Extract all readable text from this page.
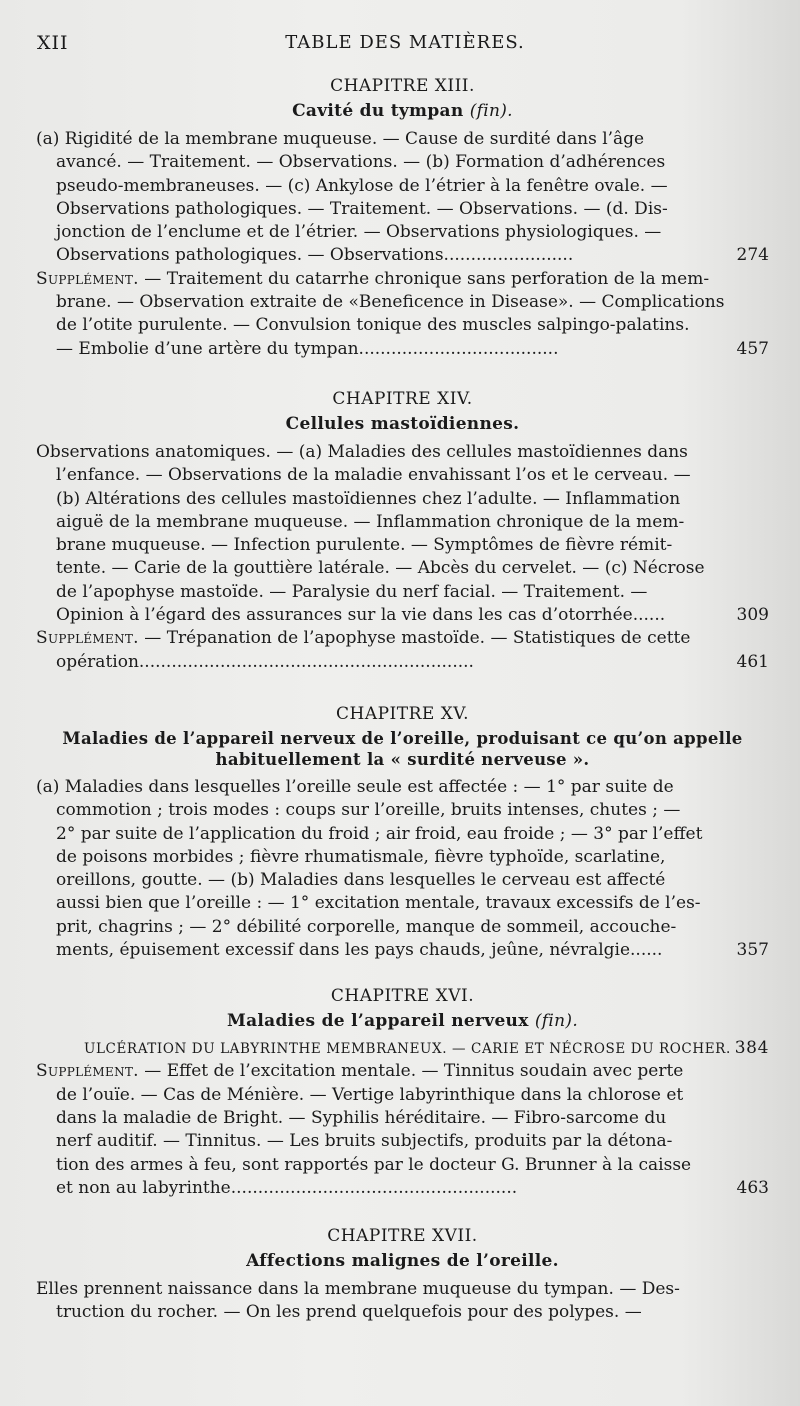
XII	TABLE DES MATIÈRES.

CHAPITRE XIII.

Cavité du tympan (fin).

(a) Rigidité de la membrane muqueuse. — Cause de surdité dans l’âge
avancé. — Traitement. — Observations. — (b) Formation d’adhérences
pseudo-membraneuses. — (c) Ankylose de l’étrier à la fenêtre ovale. —
Observations pathologiques. — Traitement. — Observations. — (d. Dis-
jonction de l’enclume et de l’étrier. — Observations physiologiques. —
Observations pathologiques. — Observations........................	274
Supplément. — Traitement du catarrhe chronique sans perforation de la mem-
brane. — Observation extraite de «Beneficence in Disease». — Complications
de l’otite purulente. — Convulsion tonique des muscles salpingo-palatins.
— Embolie d’une artère du tympan.....................................	457

CHAPITRE XIV.

Cellules mastoïdiennes.

Observations anatomiques. — (a) Maladies des cellules mastoïdiennes dans
l’enfance. — Observations de la maladie envahissant l’os et le cerveau. —
(b) Altérations des cellules mastoïdiennes chez l’adulte. — Inflammation
aiguë de la membrane muqueuse. — Inflammation chronique de la mem-
brane muqueuse. — Infection purulente. — Symptômes de fièvre rémit-
tente. — Carie de la gouttière latérale. — Abcès du cervelet. — (c) Nécrose
de l’apophyse mastoïde. — Paralysie du nerf facial. — Traitement. —
Opinion à l’égard des assurances sur la vie dans les cas d’otorrhée......	309
Supplément. — Trépanation de l’apophyse mastoïde. — Statistiques de cette
opération..............................................................	461

CHAPITRE XV.

Maladies de l’appareil nerveux de l’oreille, produisant ce qu’on appelle habituellement la « surdité nerveuse ».

(a) Maladies dans lesquelles l’oreille seule est affectée : — 1° par suite de
commotion ; trois modes : coups sur l’oreille, bruits intenses, chutes ; —
2° par suite de l’application du froid ; air froid, eau froide ; — 3° par l’effet
de poisons morbides ; fièvre rhumatismale, fièvre typhoïde, scarlatine,
oreillons, goutte. — (b) Maladies dans lesquelles le cerveau est affecté
aussi bien que l’oreille : — 1° excitation mentale, travaux excessifs de l’es-
prit, chagrins ; — 2° débilité corporelle, manque de sommeil, accouche-
ments, épuisement excessif dans les pays chauds, jeûne, névralgie......	357

CHAPITRE XVI.

Maladies de l’appareil nerveux (fin).

ULCÉRATION DU LABYRINTHE MEMBRANEUX. — CARIE ET NÉCROSE DU ROCHER. 384

Supplément. — Effet de l’excitation mentale. — Tinnitus soudain avec perte
de l’ouïe. — Cas de Ménière. — Vertige labyrinthique dans la chlorose et
dans la maladie de Bright. — Syphilis héréditaire. — Fibro-sarcome du
nerf auditif. — Tinnitus. — Les bruits subjectifs, produits par la détona-
tion des armes à feu, sont rapportés par le docteur G. Brunner à la caisse
et non au labyrinthe.....................................................	463

CHAPITRE XVII.

Affections malignes de l’oreille.

Elles prennent naissance dans la membrane muqueuse du tympan. — Des-
truction du rocher. — On les prend quelquefois pour des polypes. —
